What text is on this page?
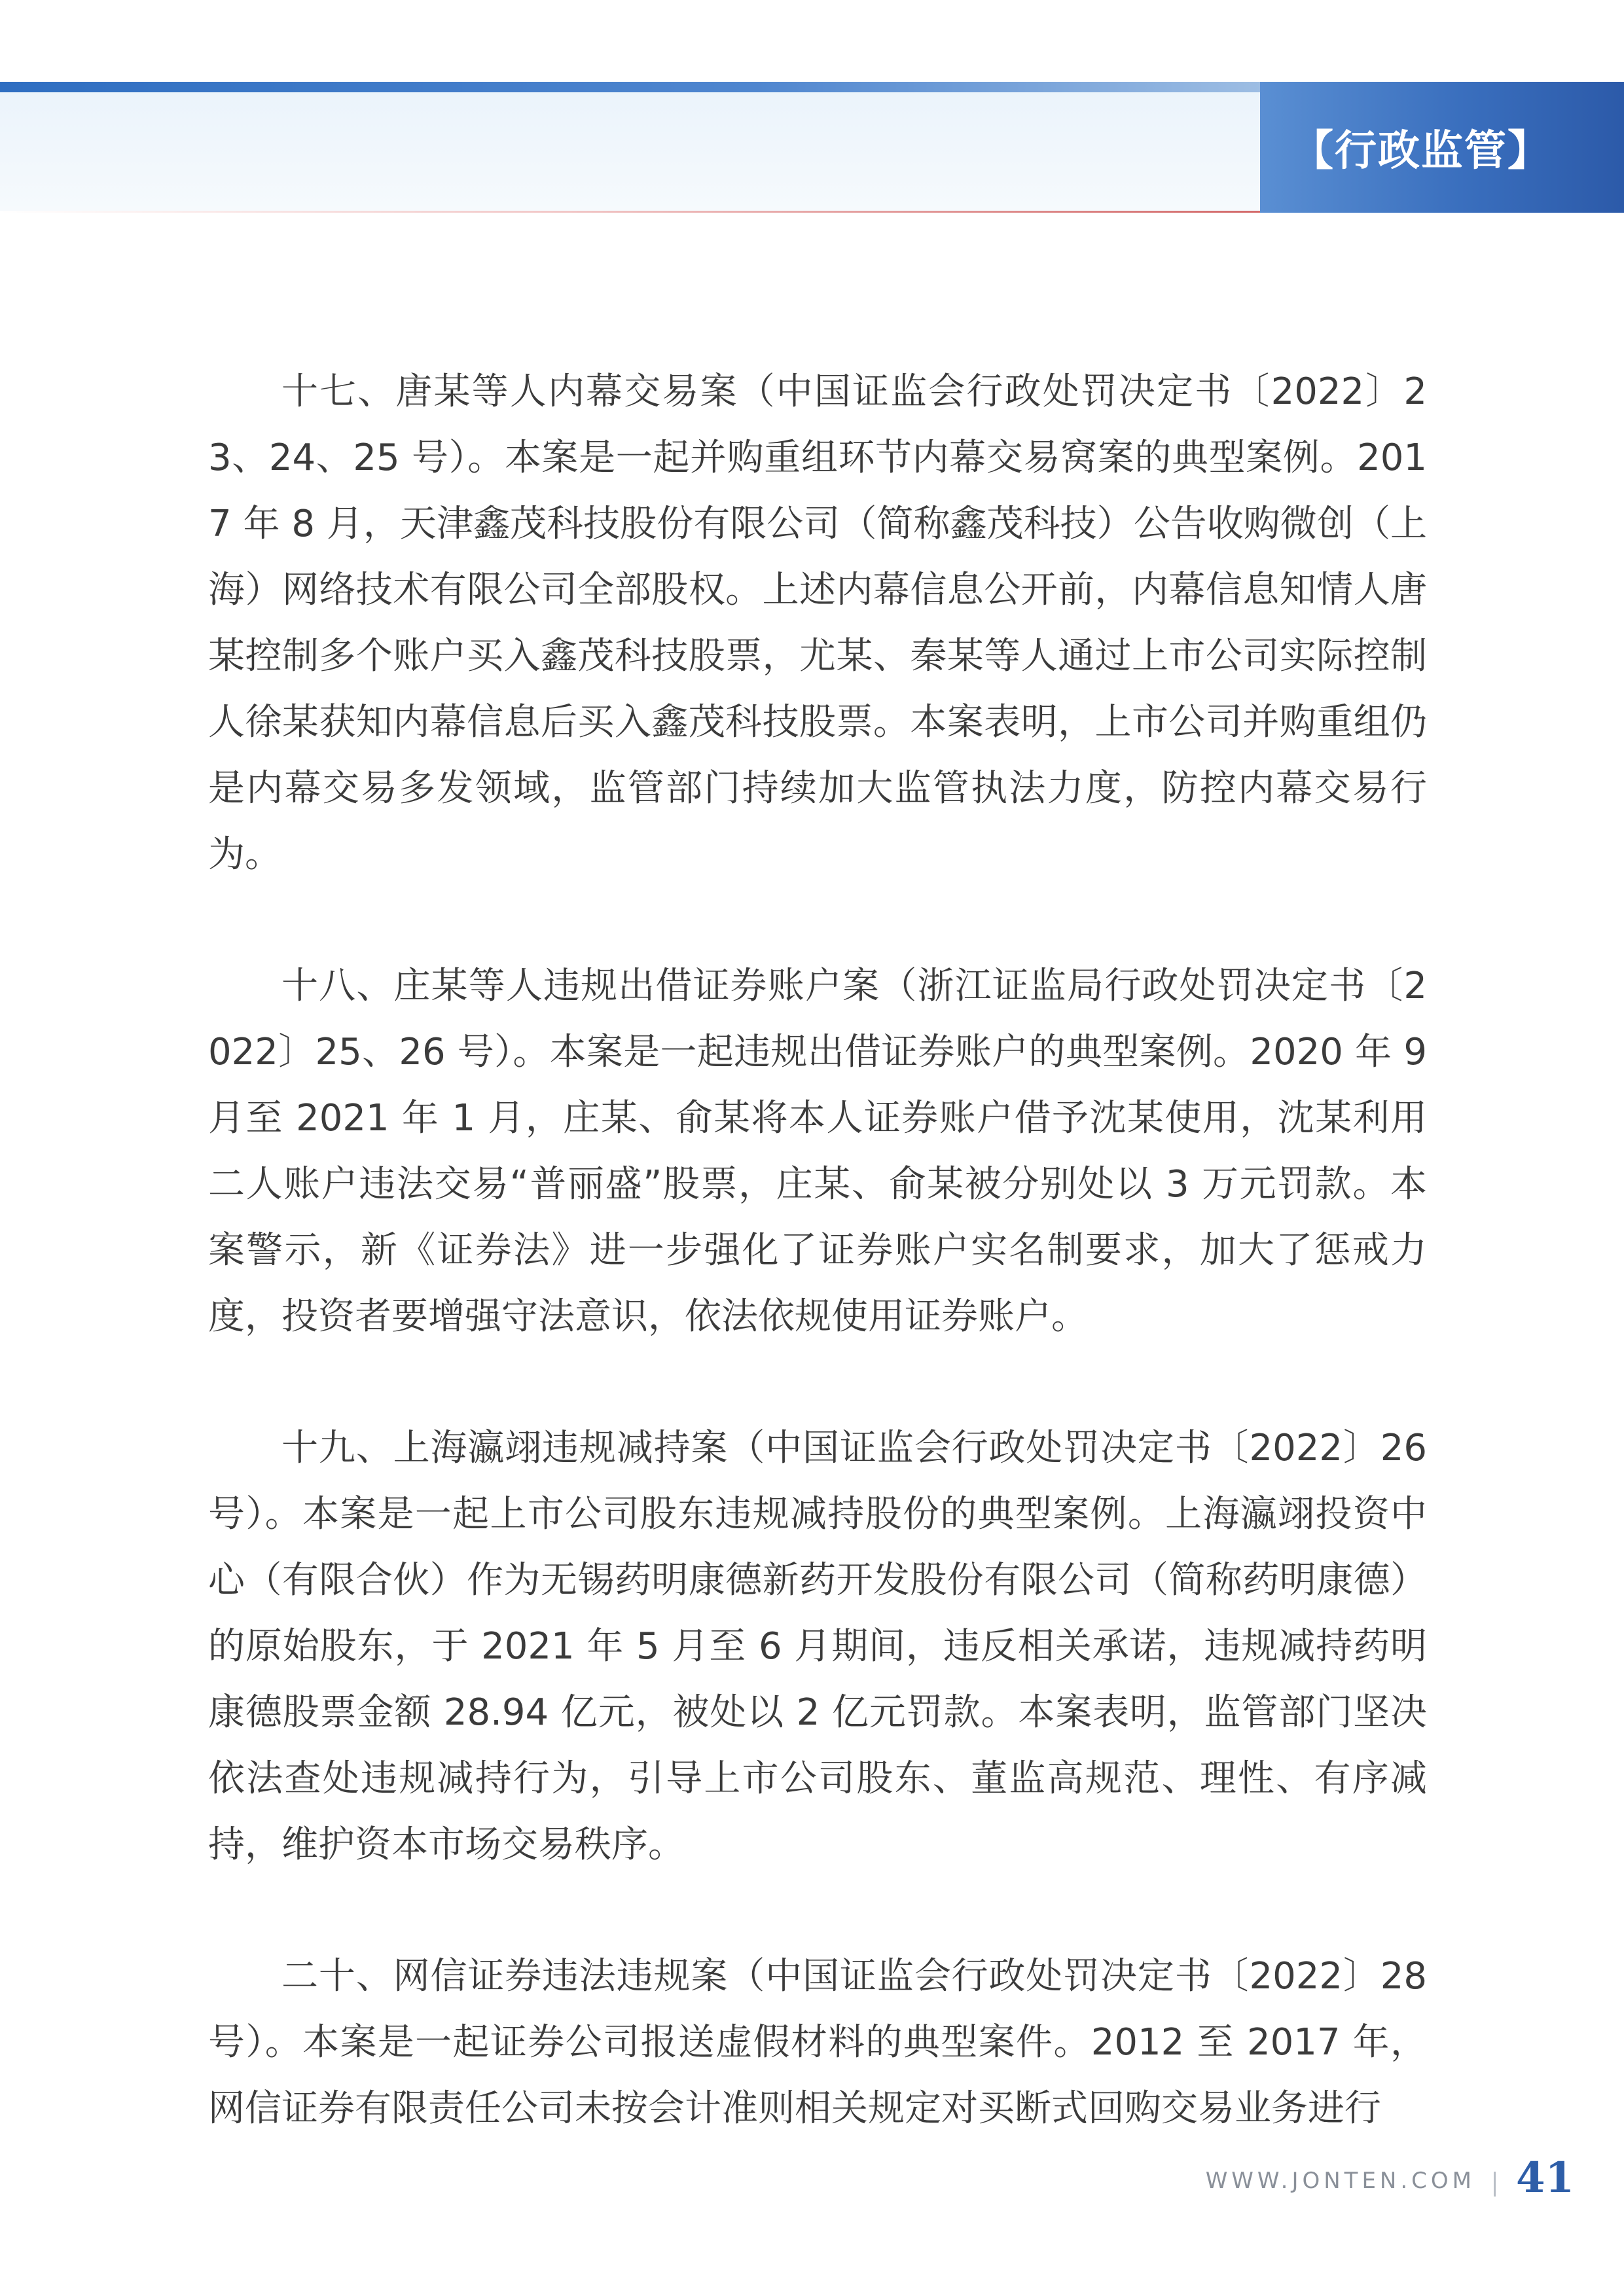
【行政监管】

十七、唐某等人内幕交易案（中国证监会行政处罚决定书〔2022〕23、24、25 号）。本案是一起并购重组环节内幕交易窝案的典型案例。2017 年 8 月，天津鑫茂科技股份有限公司（简称鑫茂科技）公告收购微创（上海）网络技术有限公司全部股权。上述内幕信息公开前，内幕信息知情人唐某控制多个账户买入鑫茂科技股票，尤某、秦某等人通过上市公司实际控制人徐某获知内幕信息后买入鑫茂科技股票。本案表明，上市公司并购重组仍是内幕交易多发领域，监管部门持续加大监管执法力度，防控内幕交易行为。

十八、庄某等人违规出借证券账户案（浙江证监局行政处罚决定书〔2022〕25、26 号）。本案是一起违规出借证券账户的典型案例。2020 年 9 月至 2021 年 1 月，庄某、俞某将本人证券账户借予沈某使用，沈某利用二人账户违法交易“普丽盛”股票，庄某、俞某被分别处以 3 万元罚款。本案警示，新《证券法》进一步强化了证券账户实名制要求，加大了惩戒力度，投资者要增强守法意识，依法依规使用证券账户。

十九、上海瀛翊违规减持案（中国证监会行政处罚决定书〔2022〕26 号）。本案是一起上市公司股东违规减持股份的典型案例。上海瀛翊投资中心（有限合伙）作为无锡药明康德新药开发股份有限公司（简称药明康德）的原始股东，于 2021 年 5 月至 6 月期间，违反相关承诺，违规减持药明康德股票金额 28.94 亿元，被处以 2 亿元罚款。本案表明，监管部门坚决依法查处违规减持行为，引导上市公司股东、董监高规范、理性、有序减持，维护资本市场交易秩序。

二十、网信证券违法违规案（中国证监会行政处罚决定书〔2022〕28 号）。本案是一起证券公司报送虚假材料的典型案件。2012 至 2017 年，网信证券有限责任公司未按会计准则相关规定对买断式回购交易业务进行

WWW.JONTEN.COM 41
